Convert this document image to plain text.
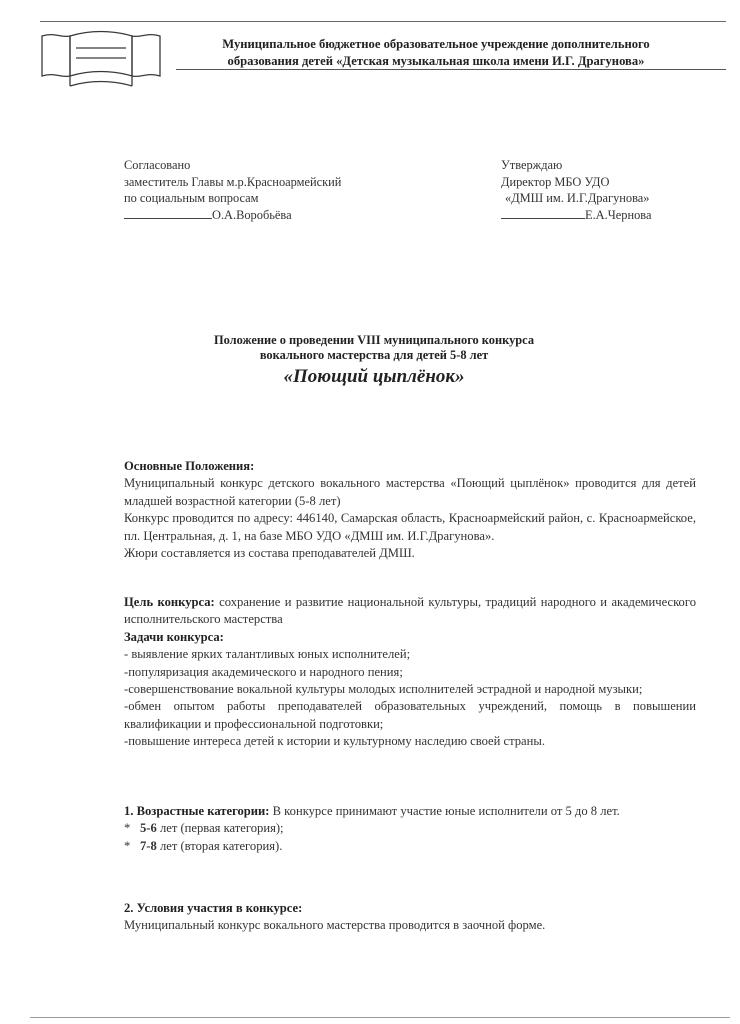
Муниципальное бюджетное образовательное учреждение дополнительного
образования детей «Детская музыкальная школа имени И.Г. Драгунова»
Согласовано
заместитель Главы м.р.Красноармейский
по социальным вопросам
О.А.Воробьёва
Утверждаю
Директор МБО УДО
«ДМШ им. И.Г.Драгунова»
Е.А.Чернова
Положение о проведении VIII муниципального конкурса
вокального мастерства для детей 5-8 лет
«Поющий цыплёнок»

Основные Положения:

Муниципальный конкурс детского вокального мастерства «Поющий цыплёнок» проводится для детей младшей возрастной категории (5-8 лет)

Конкурс проводится по адресу: 446140, Самарская область, Красноармейский район, с. Красноармейское, пл. Центральная, д. 1, на базе МБО УДО «ДМШ им. И.Г.Драгунова».

Жюри составляется из состава преподавателей ДМШ.

Цель конкурса: сохранение и развитие национальной культуры, традиций народного и академического исполнительского мастерства

Задачи конкурса:

- выявление ярких талантливых юных исполнителей;

-популяризация академического и народного пения;

-совершенствование вокальной культуры молодых исполнителей эстрадной и народной музыки;

-обмен опытом работы преподавателей образовательных учреждений, помощь в повышении квалификации и профессиональной подготовки;

-повышение интереса детей к истории и культурному наследию своей страны.

1. Возрастные категории: В конкурсе принимают участие юные исполнители от 5 до 8 лет.

* 5-6 лет (первая категория);

* 7-8 лет (вторая категория).

2. Условия участия в конкурсе:

Муниципальный конкурс вокального мастерства проводится в заочной форме.
